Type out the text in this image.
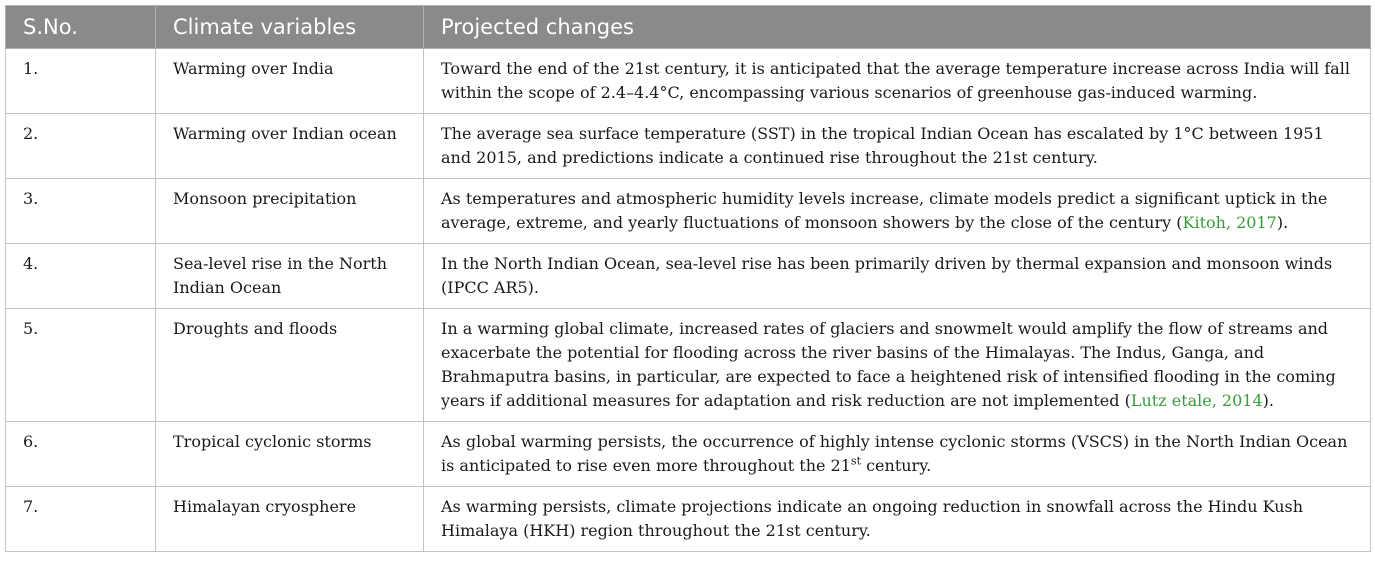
S.No.	Climate variables	Projected changes
1.	Warming over India	Toward the end of the 21st century, it is anticipated that the average temperature increase across India will fall within the scope of 2.4–4.4°C, encompassing various scenarios of greenhouse gas-induced warming.
2.	Warming over Indian ocean	The average sea surface temperature (SST) in the tropical Indian Ocean has escalated by 1°C between 1951 and 2015, and predictions indicate a continued rise throughout the 21st century.
3.	Monsoon precipitation	As temperatures and atmospheric humidity levels increase, climate models predict a significant uptick in the average, extreme, and yearly fluctuations of monsoon showers by the close of the century (Kitoh, 2017).
4.	Sea-level rise in the North Indian Ocean	In the North Indian Ocean, sea-level rise has been primarily driven by thermal expansion and monsoon winds (IPCC AR5).
5.	Droughts and floods	In a warming global climate, increased rates of glaciers and snowmelt would amplify the flow of streams and exacerbate the potential for flooding across the river basins of the Himalayas. The Indus, Ganga, and Brahmaputra basins, in particular, are expected to face a heightened risk of intensified flooding in the coming years if additional measures for adaptation and risk reduction are not implemented (Lutz etale, 2014).
6.	Tropical cyclonic storms	As global warming persists, the occurrence of highly intense cyclonic storms (VSCS) in the North Indian Ocean is anticipated to rise even more throughout the 21st century.
7.	Himalayan cryosphere	As warming persists, climate projections indicate an ongoing reduction in snowfall across the Hindu Kush Himalaya (HKH) region throughout the 21st century.
